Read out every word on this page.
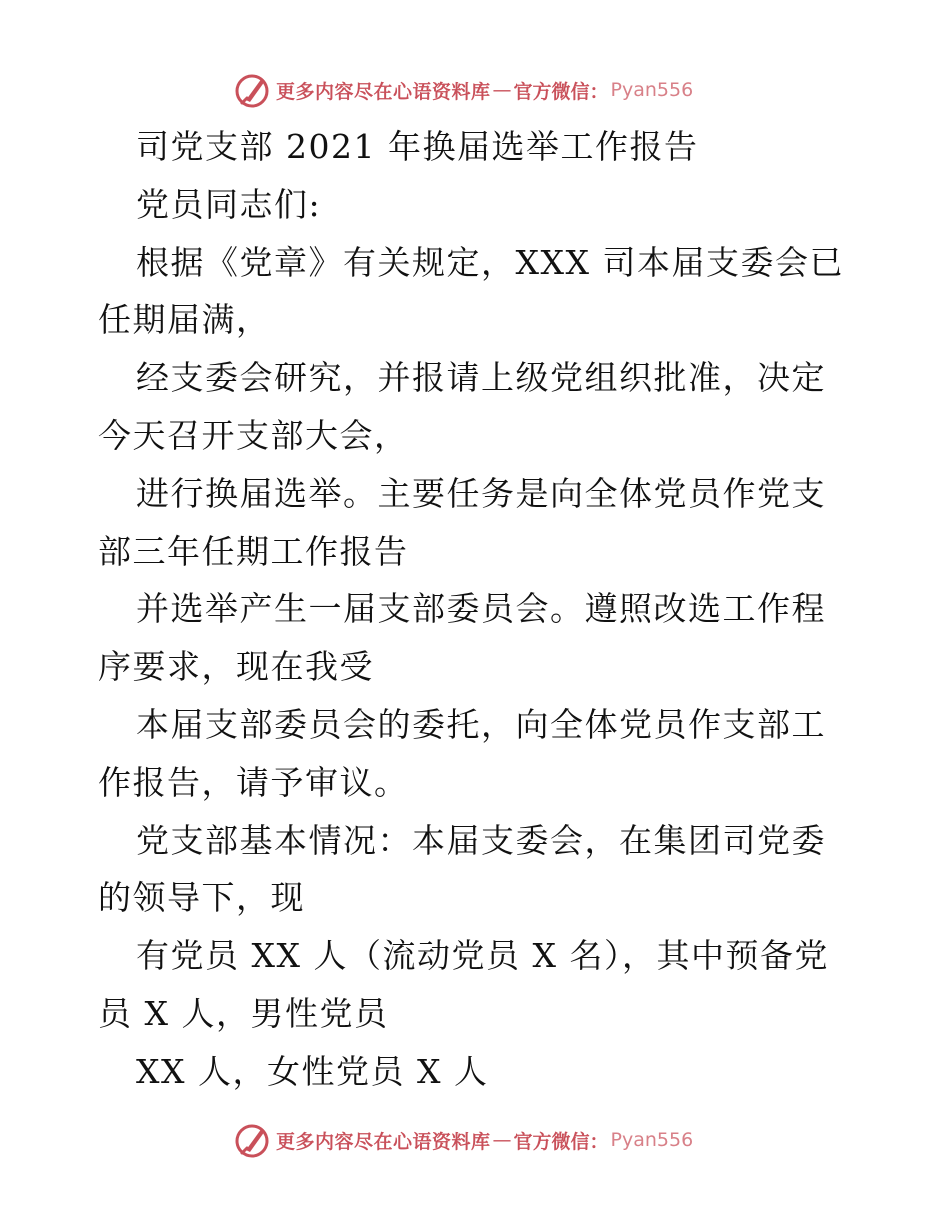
更多内容尽在心语资料库 — 官方微信： Pyan556

司党支部 2021 年换届选举工作报告

党员同志们:

根据《党章》有关规定，XXX 司本届支委会已任期届满，

经支委会研究，并报请上级党组织批准，决定今天召开支部大会，

进行换届选举。主要任务是向全体党员作党支部三年任期工作报告

并选举产生一届支部委员会。遵照改选工作程序要求，现在我受

本届支部委员会的委托，向全体党员作支部工作报告，请予审议。

党支部基本情况：本届支委会，在集团司党委的领导下，现

有党员 XX 人（流动党员 X 名），其中预备党员 X 人，男性党员

XX 人，女性党员 X 人

更多内容尽在心语资料库 — 官方微信： Pyan556
